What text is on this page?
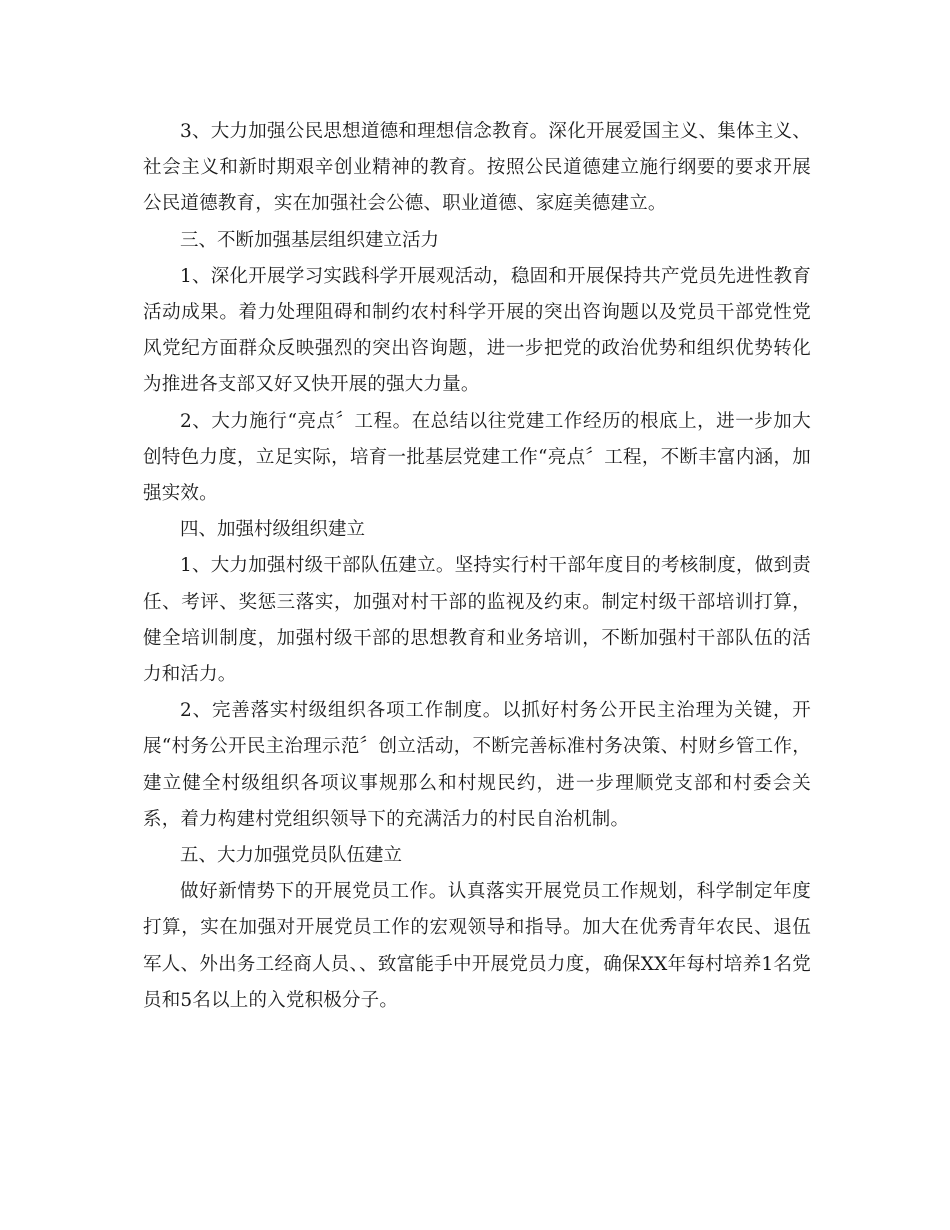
3、大力加强公民思想道德和理想信念教育。深化开展爱国主义、集体主义、社会主义和新时期艰辛创业精神的教育。按照公民道德建立施行纲要的要求开展公民道德教育，实在加强社会公德、职业道德、家庭美德建立。

三、不断加强基层组织建立活力

1、深化开展学习实践科学开展观活动，稳固和开展保持共产党员先进性教育活动成果。着力处理阻碍和制约农村科学开展的突出咨询题以及党员干部党性党风党纪方面群众反映强烈的突出咨询题，进一步把党的政治优势和组织优势转化为推进各支部又好又快开展的强大力量。

2、大力施行“亮点〞工程。在总结以往党建工作经历的根底上，进一步加大创特色力度，立足实际，培育一批基层党建工作“亮点〞工程，不断丰富内涵，加强实效。

四、加强村级组织建立

1、大力加强村级干部队伍建立。坚持实行村干部年度目的考核制度，做到责任、考评、奖惩三落实，加强对村干部的监视及约束。制定村级干部培训打算，健全培训制度，加强村级干部的思想教育和业务培训，不断加强村干部队伍的活力和活力。

2、完善落实村级组织各项工作制度。以抓好村务公开民主治理为关键，开展“村务公开民主治理示范〞创立活动，不断完善标准村务决策、村财乡管工作，建立健全村级组织各项议事规那么和村规民约，进一步理顺党支部和村委会关系，着力构建村党组织领导下的充满活力的村民自治机制。

五、大力加强党员队伍建立

做好新情势下的开展党员工作。认真落实开展党员工作规划，科学制定年度打算，实在加强对开展党员工作的宏观领导和指导。加大在优秀青年农民、退伍军人、外出务工经商人员、、致富能手中开展党员力度，确保XX年每村培养1名党员和5名以上的入党积极分子。
